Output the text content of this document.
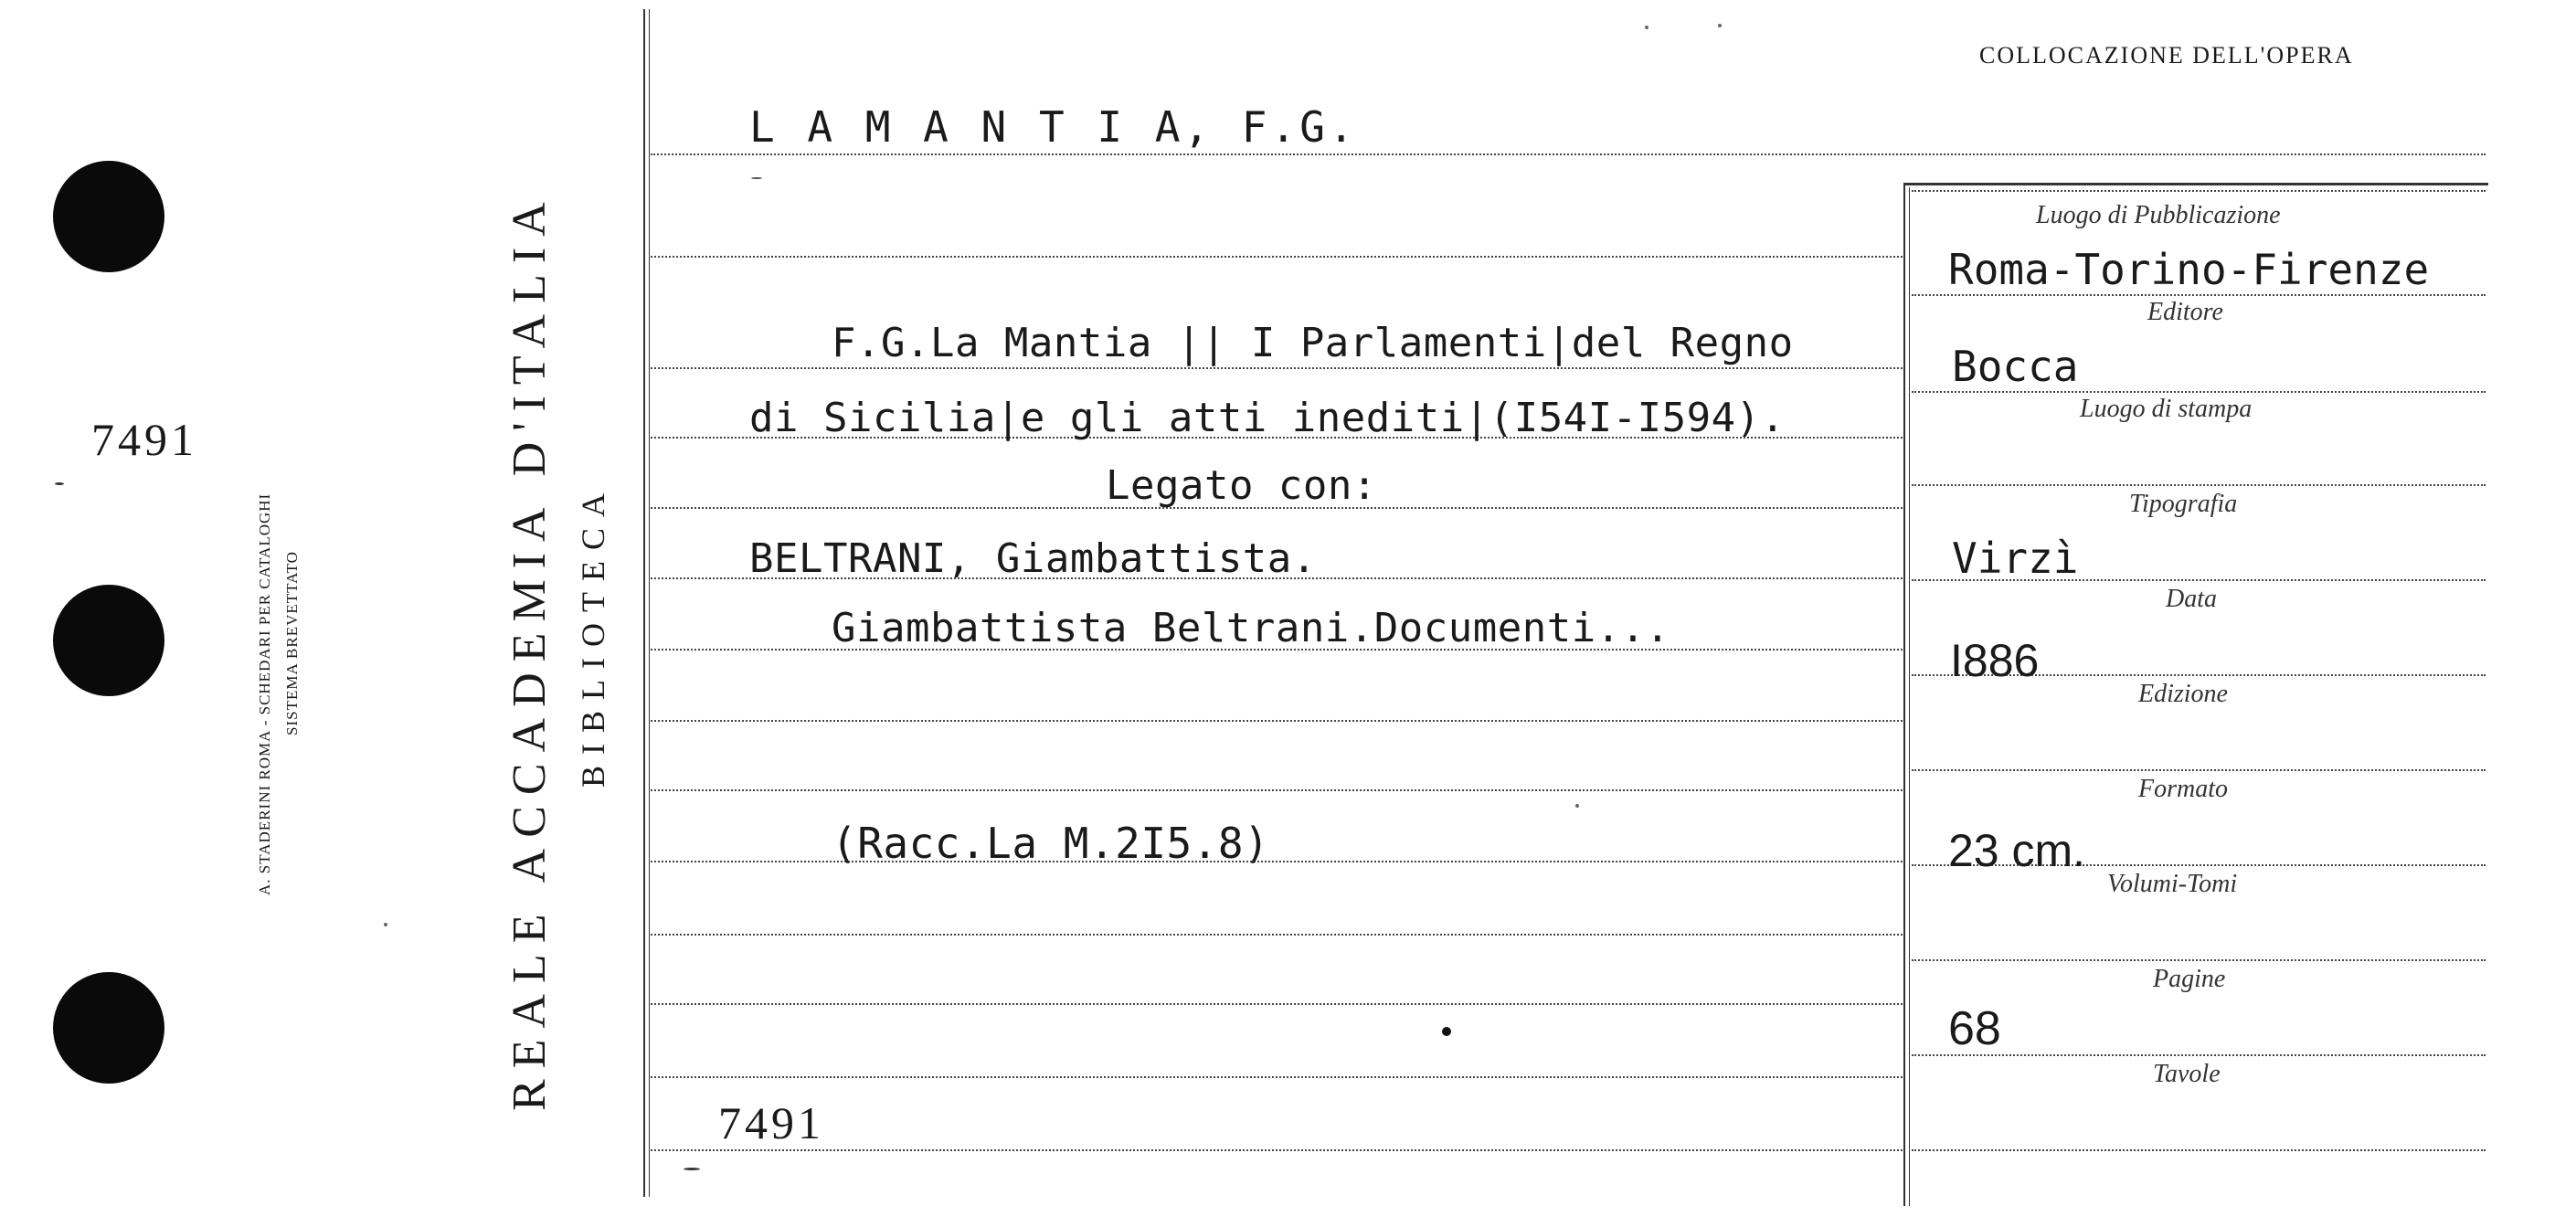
7491
A. STADERINI ROMA - SCHEDARI PER CATALOGHI SISTEMA BREVETTATO	REALE ACCADEMIA D'ITALIA BIBLIOTECA
COLLOCAZIONE DELL'OPERA
L A M A N T I A, F.G.
F.G.La Mantia || I Parlamenti|del Regno
di Sicilia|e gli atti inediti|(I54I-I594).
Legato con:
BELTRANI, Giambattista.
Giambattista Beltrani.Documenti...
(Racc.La M.2I5.8)
7491
Luogo di Pubblicazione
Editore
Luogo di stampa
Tipografia
Data
Edizione
Formato
Volumi-Tomi
Pagine
Tavole
Roma-Torino-Firenze
Bocca
Virzì
I886
23 cm.
68
